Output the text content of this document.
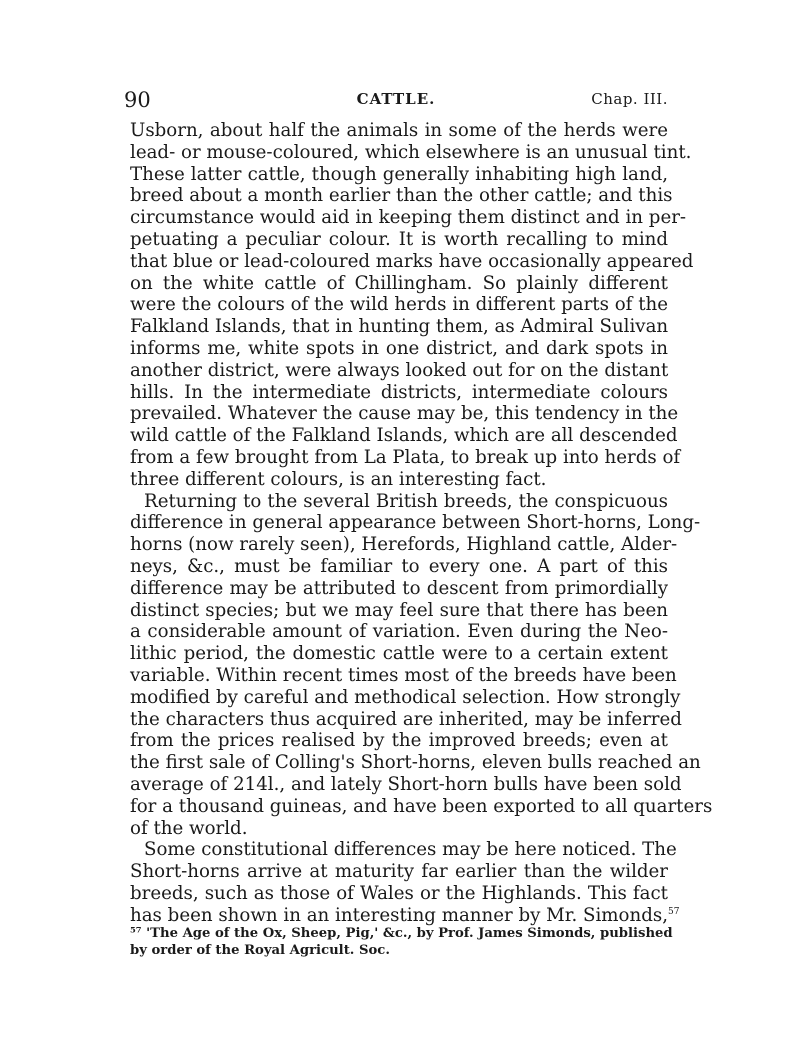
90	CATTLE.	Chap. III.
Usborn, about half the animals in some of the herds were
lead- or mouse-coloured, which elsewhere is an unusual tint.
These latter cattle, though generally inhabiting high land,
breed about a month earlier than the other cattle; and this
circumstance would aid in keeping them distinct and in per-
petuating a peculiar colour. It is worth recalling to mind
that blue or lead-coloured marks have occasionally appeared
on the white cattle of Chillingham. So plainly different
were the colours of the wild herds in different parts of the
Falkland Islands, that in hunting them, as Admiral Sulivan
informs me, white spots in one district, and dark spots in
another district, were always looked out for on the distant
hills. In the intermediate districts, intermediate colours
prevailed. Whatever the cause may be, this tendency in the
wild cattle of the Falkland Islands, which are all descended
from a few brought from La Plata, to break up into herds of
three different colours, is an interesting fact.
Returning to the several British breeds, the conspicuous
difference in general appearance between Short-horns, Long-
horns (now rarely seen), Herefords, Highland cattle, Alder-
neys, &c., must be familiar to every one. A part of this
difference may be attributed to descent from primordially
distinct species; but we may feel sure that there has been
a considerable amount of variation. Even during the Neo-
lithic period, the domestic cattle were to a certain extent
variable. Within recent times most of the breeds have been
modified by careful and methodical selection. How strongly
the characters thus acquired are inherited, may be inferred
from the prices realised by the improved breeds; even at
the first sale of Colling's Short-horns, eleven bulls reached an
average of 214l., and lately Short-horn bulls have been sold
for a thousand guineas, and have been exported to all quarters
of the world.
Some constitutional differences may be here noticed. The
Short-horns arrive at maturity far earlier than the wilder
breeds, such as those of Wales or the Highlands. This fact
has been shown in an interesting manner by Mr. Simonds,$^{57}$
⁵⁷ 'The Age of the Ox, Sheep, Pig,' &c., by Prof. James Simonds, published
by order of the Royal Agricult. Soc.
